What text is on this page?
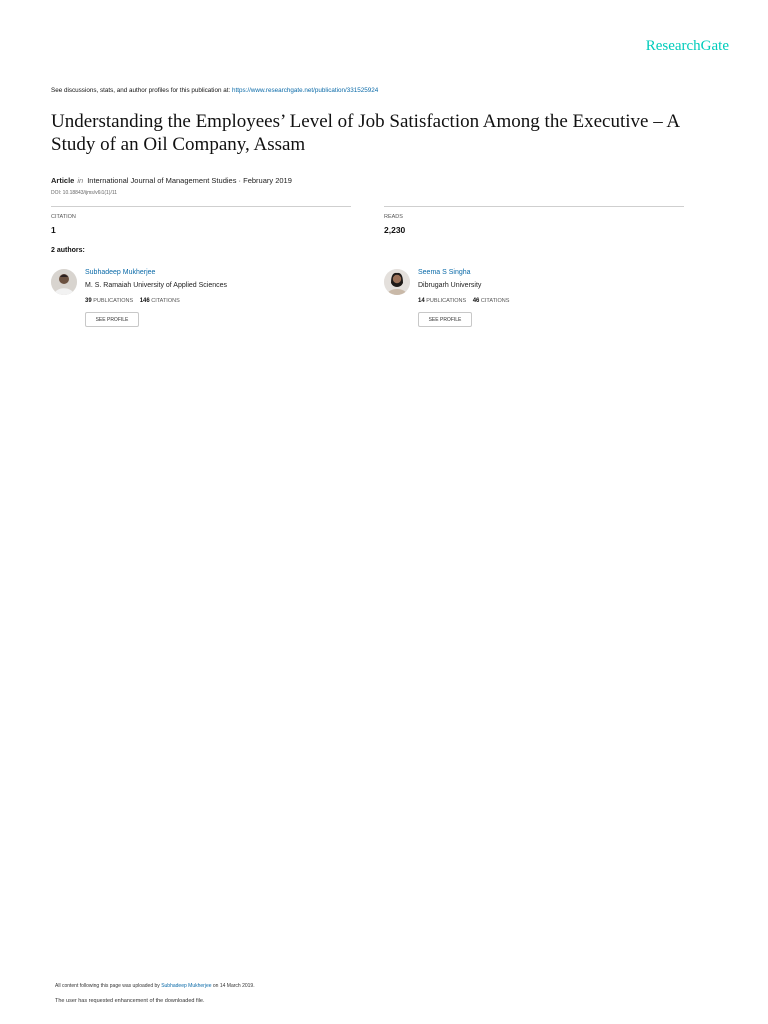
ResearchGate
See discussions, stats, and author profiles for this publication at: https://www.researchgate.net/publication/331525924
Understanding the Employees’ Level of Job Satisfaction Among the Executive – A Study of an Oil Company, Assam
Article in International Journal of Management Studies · February 2019
DOI: 10.18843/ijms/v6i1(1)/11
CITATION
1
READS
2,230
2 authors:
Subhadeep Mukherjee
M. S. Ramaiah University of Applied Sciences
39 PUBLICATIONS 146 CITATIONS
SEE PROFILE
Seema S Singha
Dibrugarh University
14 PUBLICATIONS 46 CITATIONS
SEE PROFILE
All content following this page was uploaded by Subhadeep Mukherjee on 14 March 2019.
The user has requested enhancement of the downloaded file.
